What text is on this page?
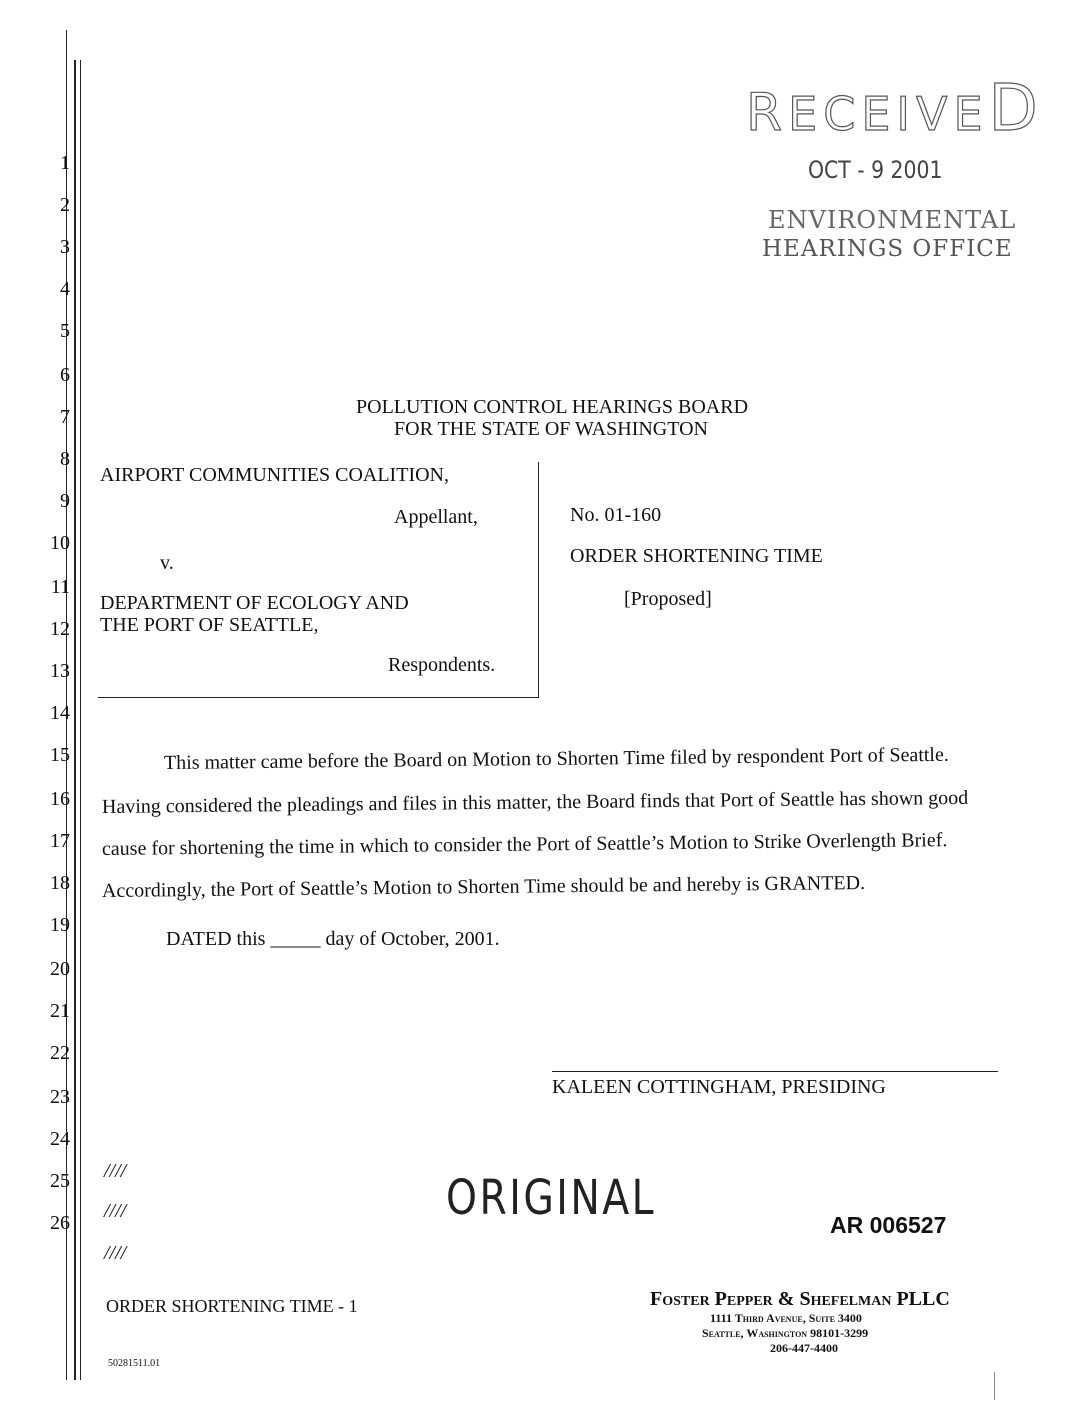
1
2
3
4
5
6
7
8
9
10
11
12
13
14
15
16
17
18
19
20
21
22
23
24
25
26
RECEIVED
OCT - 9 2001
ENVIRONMENTAL
HEARINGS OFFICE
POLLUTION CONTROL HEARINGS BOARD
FOR THE STATE OF WASHINGTON
AIRPORT COMMUNITIES COALITION,
Appellant,
v.
DEPARTMENT OF ECOLOGY AND
THE PORT OF SEATTLE,
Respondents.
No. 01-160
ORDER SHORTENING TIME
[Proposed]
This matter came before the Board on Motion to Shorten Time filed by respondent Port of Seattle.
Having considered the pleadings and files in this matter, the Board finds that Port of Seattle has shown good
cause for shortening the time in which to consider the Port of Seattle’s Motion to Strike Overlength Brief.
Accordingly, the Port of Seattle’s Motion to Shorten Time should be and hereby is GRANTED.
DATED this _____ day of October, 2001.
KALEEN COTTINGHAM, PRESIDING
////
////
////
ORIGINAL	AR 006527
ORDER SHORTENING TIME - 1	Foster Pepper & Shefelman PLLC
1111 Third Avenue, Suite 3400
Seattle, Washington 98101-3299
206-447-4400
50281511.01
